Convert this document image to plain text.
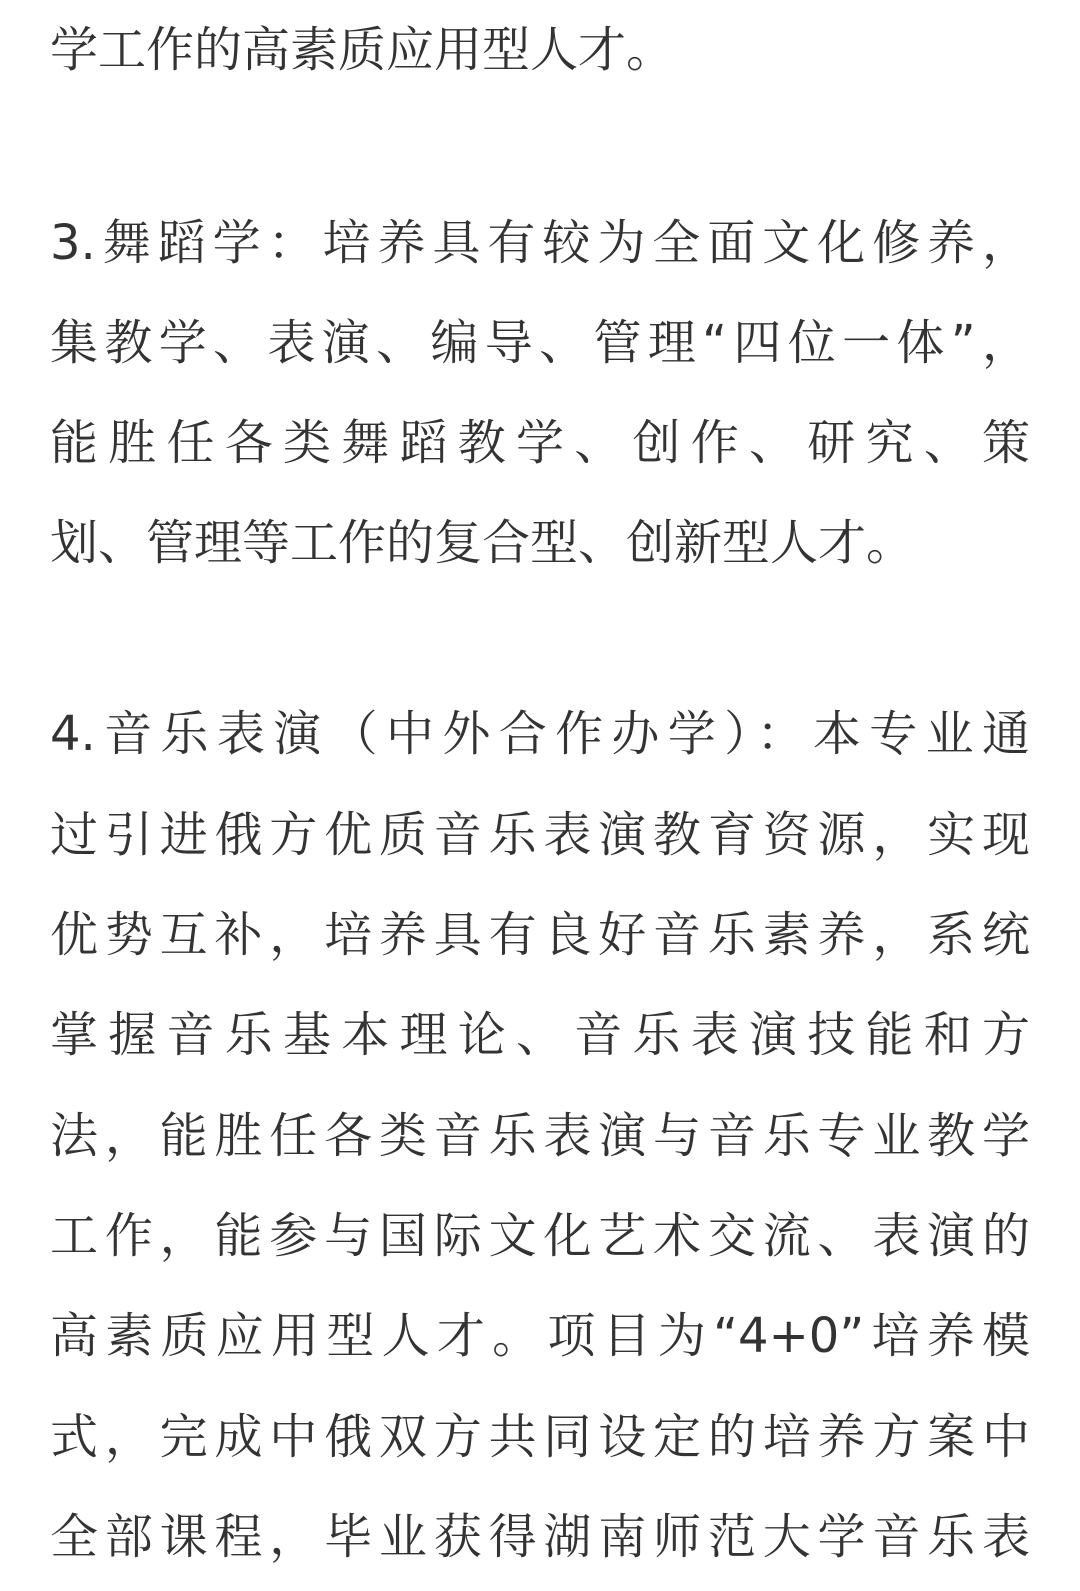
学工作的高素质应用型人才。
3.舞蹈学：培养具有较为全面文化修养，
集教学、表演、编导、管理“四位一体”，
能胜任各类舞蹈教学、创作、研究、策
划、管理等工作的复合型、创新型人才。
4.音乐表演（中外合作办学）：本专业通
过引进俄方优质音乐表演教育资源，实现
优势互补，培养具有良好音乐素养，系统
掌握音乐基本理论、音乐表演技能和方
法，能胜任各类音乐表演与音乐专业教学
工作，能参与国际文化艺术交流、表演的
高素质应用型人才。项目为“4+0”培养模
式，完成中俄双方共同设定的培养方案中
全部课程，毕业获得湖南师范大学音乐表
